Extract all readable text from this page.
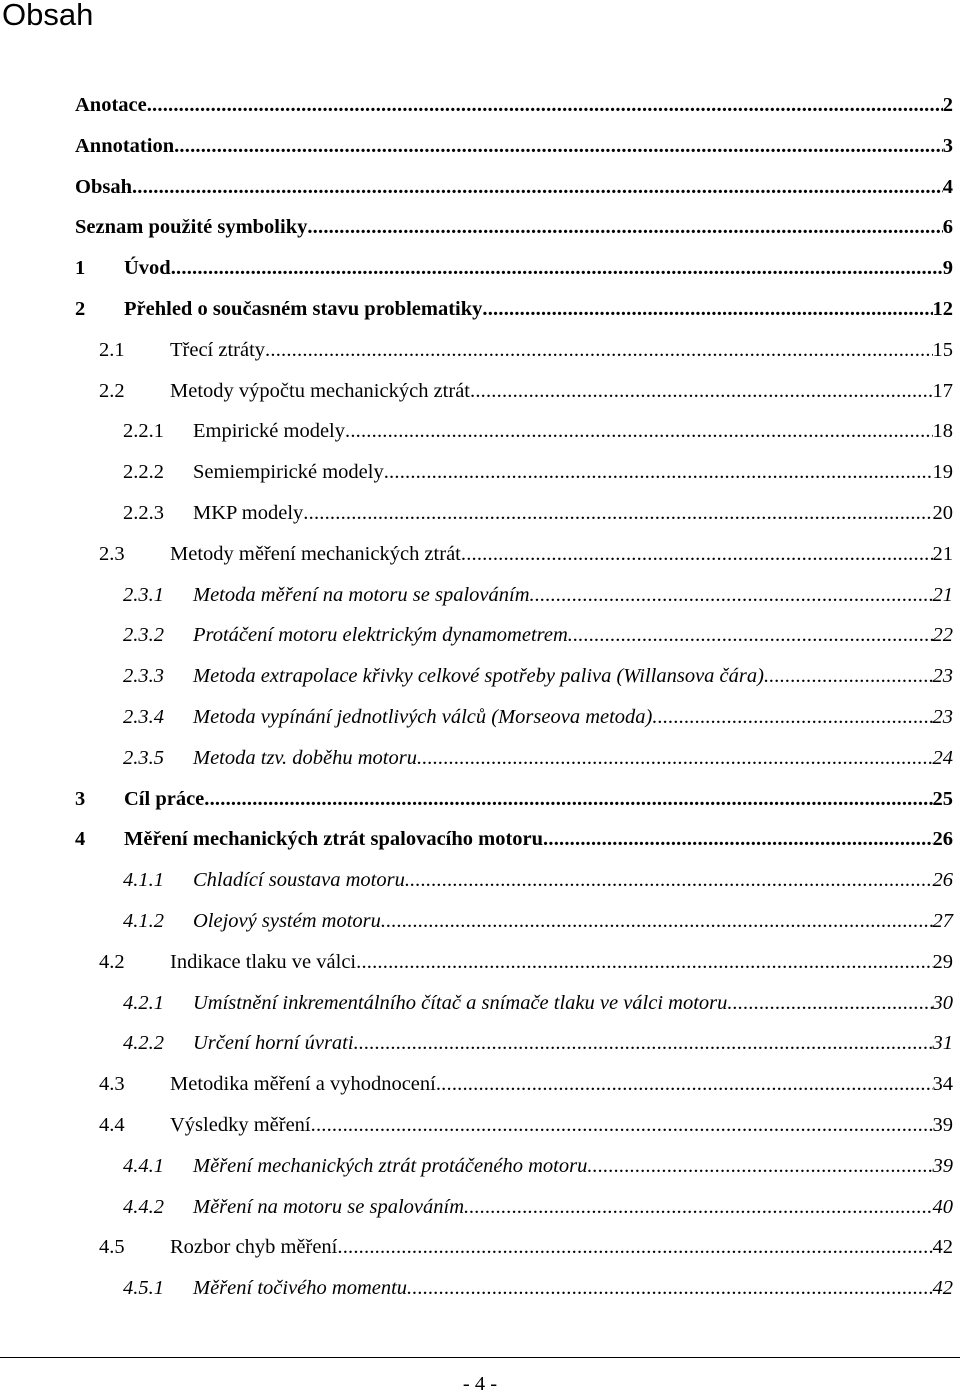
Obsah
Anotace .....	2
Annotation .....	3
Obsah .....	4
Seznam použité symboliky .....	6
1	Úvod .....	9
2	Přehled o současném stavu problematiky .....	12
2.1	Třecí ztráty .....	15
2.2	Metody výpočtu mechanických ztrát .....	17
2.2.1	Empirické modely .....	18
2.2.2	Semiempirické modely .....	19
2.2.3	MKP modely .....	20
2.3	Metody měření mechanických ztrát .....	21
2.3.1	Metoda měření na motoru se spalováním .....	21
2.3.2	Protáčení motoru elektrickým dynamometrem .....	22
2.3.3	Metoda extrapolace křivky celkové spotřeby paliva (Willansova čára) .....	23
2.3.4	Metoda vypínání jednotlivých válců (Morseova metoda) .....	23
2.3.5	Metoda tzv. doběhu motoru .....	24
3	Cíl práce .....	25
4	Měření mechanických ztrát spalovacího motoru .....	26
4.1.1	Chladící soustava motoru .....	26
4.1.2	Olejový systém motoru .....	27
4.2	Indikace tlaku ve válci .....	29
4.2.1	Umístnění inkrementálního čítač a snímače tlaku ve válci motoru .....	30
4.2.2	Určení horní úvrati .....	31
4.3	Metodika měření a vyhodnocení .....	34
4.4	Výsledky měření .....	39
4.4.1	Měření mechanických ztrát protáčeného motoru .....	39
4.4.2	Měření na motoru se spalováním .....	40
4.5	Rozbor chyb měření .....	42
4.5.1	Měření točivého momentu .....	42
- 4 -
